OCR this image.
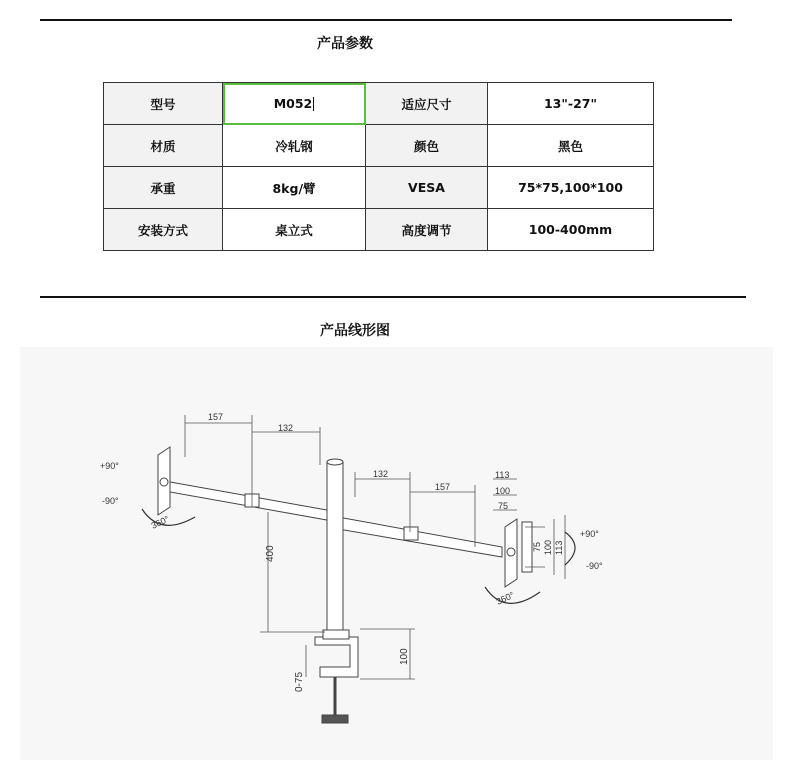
产品参数
型号	M052	适应尺寸	13"-27"
材质	冷轧钢	颜色	黑色
承重	8kg/臂	VESA	75*75,100*100
安装方式	桌立式	高度调节	100-400mm
产品线形图
157
132
132
157
113
100
75
75 100 113
+90°
-90°
+90°
-90°
360°
360°
400
100
0-75
